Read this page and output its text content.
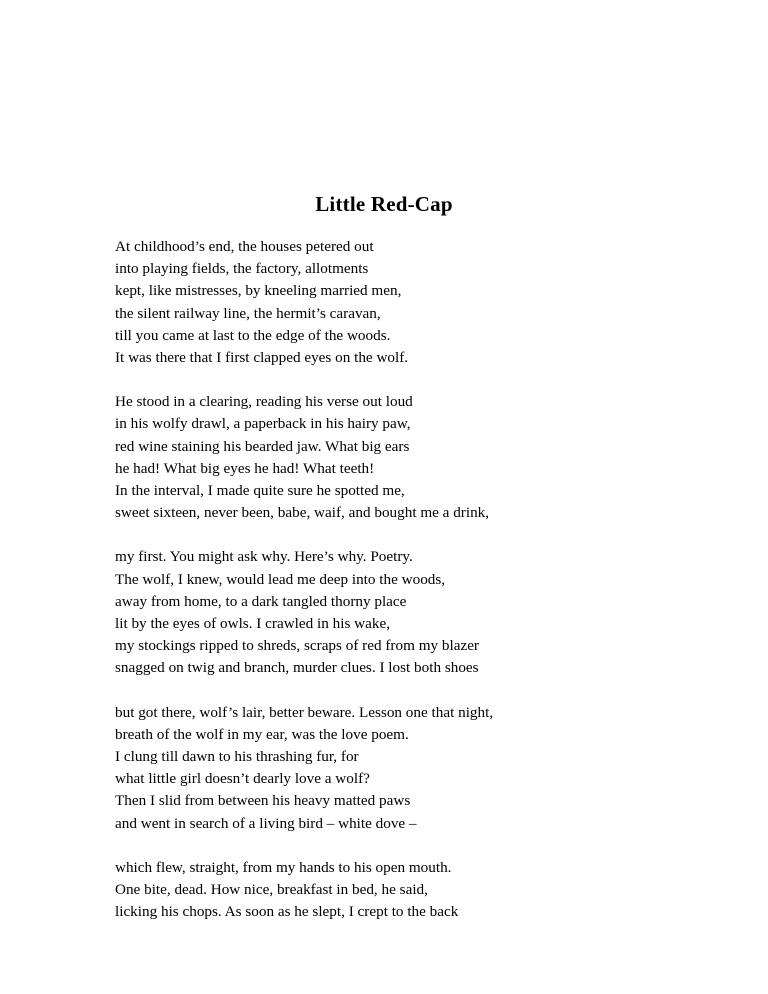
Little Red-Cap
At childhood’s end, the houses petered out
into playing fields, the factory, allotments
kept, like mistresses, by kneeling married men,
the silent railway line, the hermit’s caravan,
till you came at last to the edge of the woods.
It was there that I first clapped eyes on the wolf.
He stood in a clearing, reading his verse out loud
in his wolfy drawl, a paperback in his hairy paw,
red wine staining his bearded jaw. What big ears
he had! What big eyes he had! What teeth!
In the interval, I made quite sure he spotted me,
sweet sixteen, never been, babe, waif, and bought me a drink,
my first. You might ask why. Here’s why. Poetry.
The wolf, I knew, would lead me deep into the woods,
away from home, to a dark tangled thorny place
lit by the eyes of owls. I crawled in his wake,
my stockings ripped to shreds, scraps of red from my blazer
snagged on twig and branch, murder clues. I lost both shoes
but got there, wolf’s lair, better beware. Lesson one that night,
breath of the wolf in my ear, was the love poem.
I clung till dawn to his thrashing fur, for
what little girl doesn’t dearly love a wolf?
Then I slid from between his heavy matted paws
and went in search of a living bird – white dove –
which flew, straight, from my hands to his open mouth.
One bite, dead. How nice, breakfast in bed, he said,
licking his chops. As soon as he slept, I crept to the back
